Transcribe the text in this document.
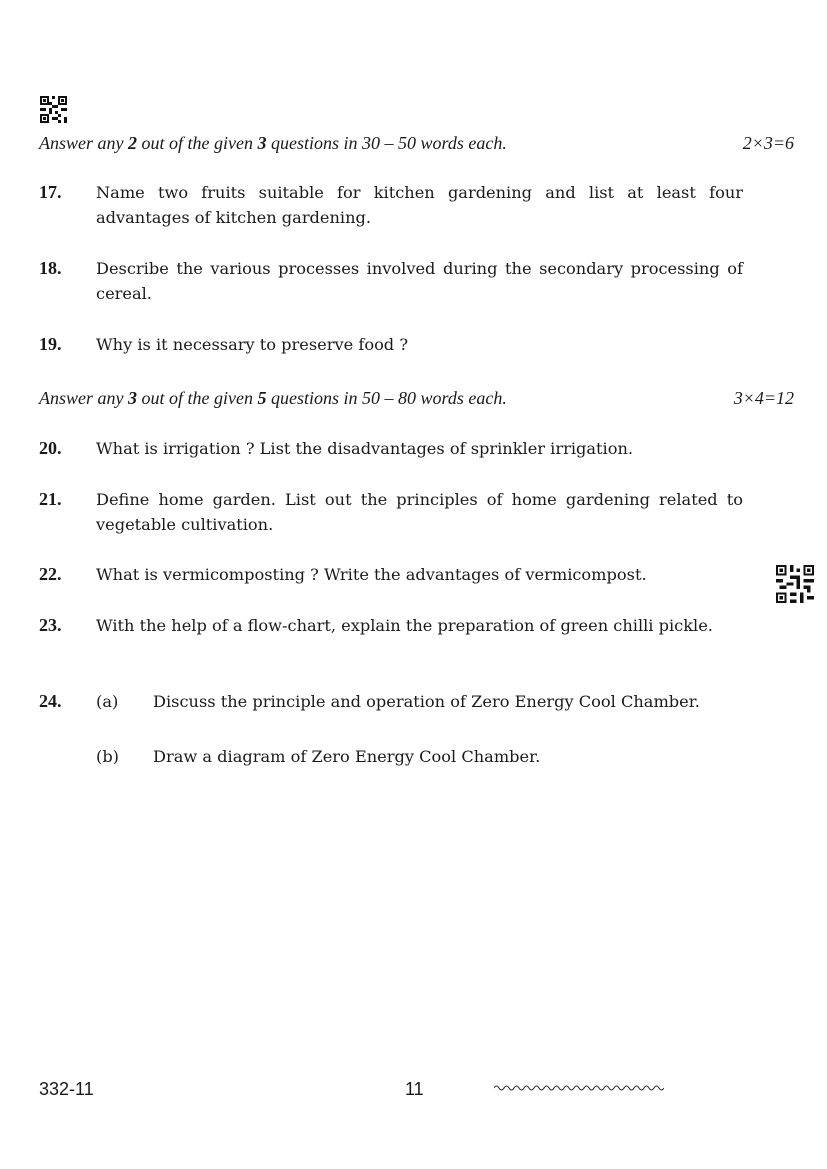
Answer any 2 out of the given 3 questions in 30 – 50 words each.	2×3=6
17. Name two fruits suitable for kitchen gardening and list at least four advantages of kitchen gardening.
18. Describe the various processes involved during the secondary processing of cereal.
19. Why is it necessary to preserve food ?
Answer any 3 out of the given 5 questions in 50 – 80 words each.	3×4=12
20. What is irrigation ? List the disadvantages of sprinkler irrigation.
21. Define home garden. List out the principles of home gardening related to vegetable cultivation.
22. What is vermicomposting ? Write the advantages of vermicompost.
23. With the help of a flow-chart, explain the preparation of green chilli pickle.
24. (a) Discuss the principle and operation of Zero Energy Cool Chamber.
(b) Draw a diagram of Zero Energy Cool Chamber.
332-11	11
